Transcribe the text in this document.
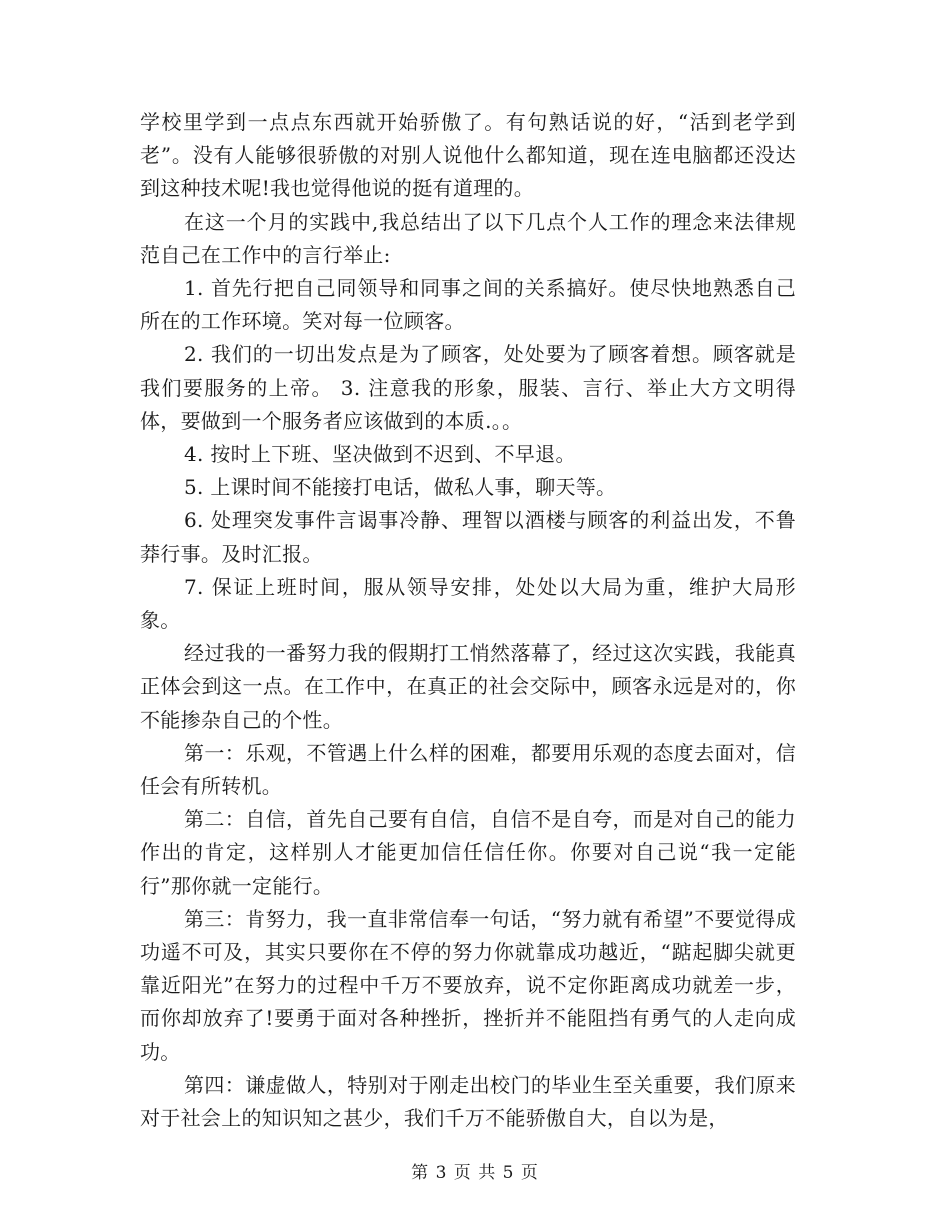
学校里学到一点点东西就开始骄傲了。有句熟话说的好，“活到老学到老”。没有人能够很骄傲的对别人说他什么都知道，现在连电脑都还没达到这种技术呢!我也觉得他说的挺有道理的。

在这一个月的实践中,我总结出了以下几点个人工作的理念来法律规范自己在工作中的言行举止:

1. 首先行把自己同领导和同事之间的关系搞好。使尽快地熟悉自己所在的工作环境。笑对每一位顾客。

2. 我们的一切出发点是为了顾客，处处要为了顾客着想。顾客就是我们要服务的上帝。 3. 注意我的形象，服装、言行、举止大方文明得体，要做到一个服务者应该做到的本质.。。

4. 按时上下班、坚决做到不迟到、不早退。

5. 上课时间不能接打电话，做私人事，聊天等。

6. 处理突发事件言谒事冷静、理智以酒楼与顾客的利益出发，不鲁莽行事。及时汇报。

7. 保证上班时间，服从领导安排，处处以大局为重，维护大局形象。

经过我的一番努力我的假期打工悄然落幕了，经过这次实践，我能真正体会到这一点。在工作中，在真正的社会交际中，顾客永远是对的，你不能掺杂自己的个性。

第一：乐观，不管遇上什么样的困难，都要用乐观的态度去面对，信任会有所转机。

第二：自信，首先自己要有自信，自信不是自夸，而是对自己的能力作出的肯定，这样别人才能更加信任信任你。你要对自己说“我一定能行”那你就一定能行。

第三：肯努力，我一直非常信奉一句话，“努力就有希望”不要觉得成功遥不可及，其实只要你在不停的努力你就靠成功越近，“踮起脚尖就更靠近阳光”在努力的过程中千万不要放弃，说不定你距离成功就差一步，而你却放弃了!要勇于面对各种挫折，挫折并不能阻挡有勇气的人走向成功。

第四：谦虚做人，特别对于刚走出校门的毕业生至关重要，我们原来对于社会上的知识知之甚少，我们千万不能骄傲自大，自以为是，

第 3 页 共 5 页
